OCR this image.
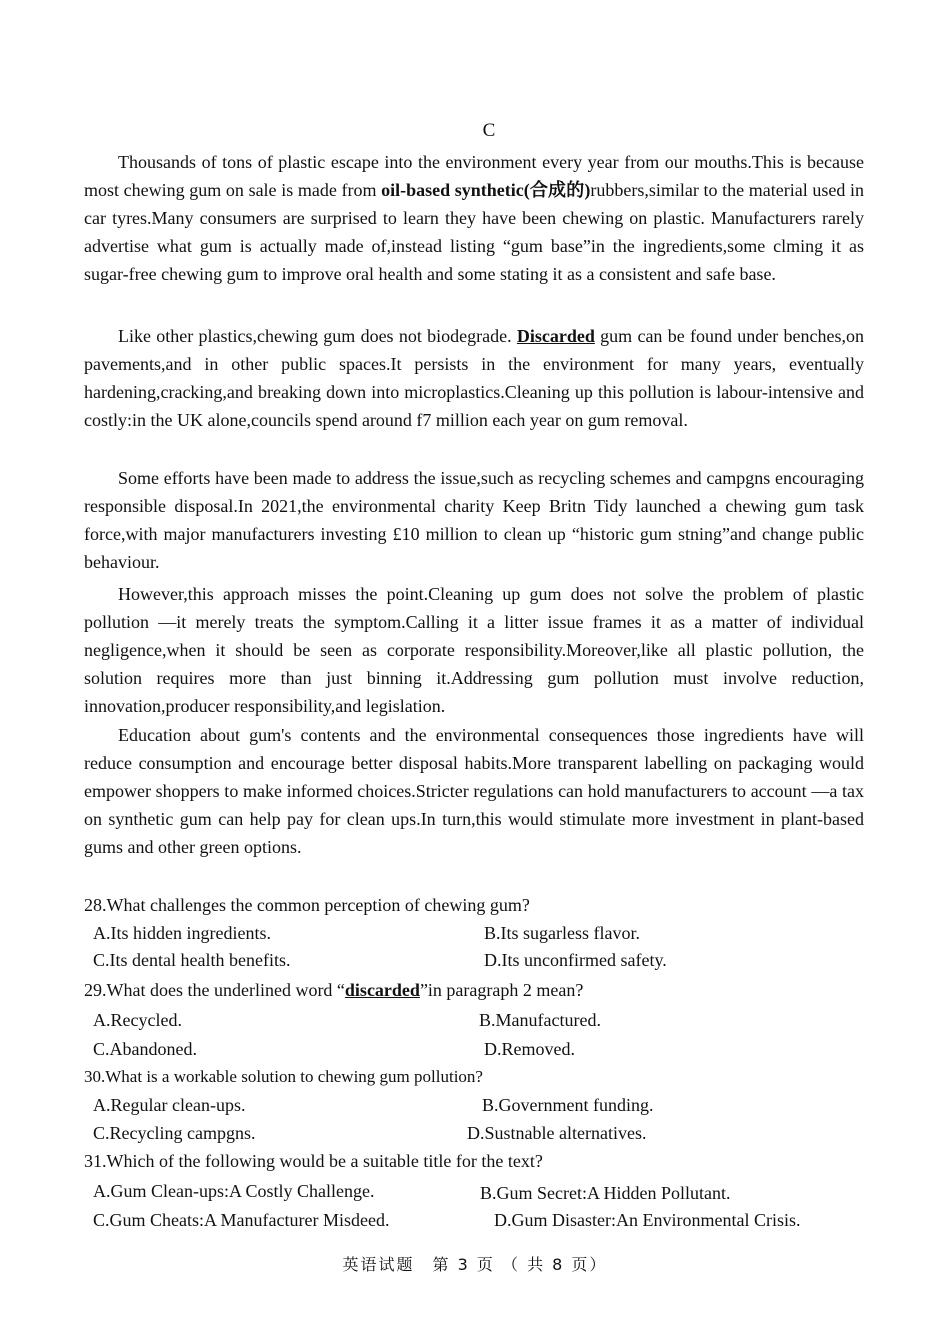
C

Thousands of tons of plastic escape into the environment every year from our mouths.This is because most chewing gum on sale is made from oil-based synthetic(合成的)rubbers,similar to the material used in car tyres.Many consumers are surprised to learn they have been chewing on plastic. Manufacturers rarely advertise what gum is actually made of,instead listing “gum base”in the ingredients,some clming it as sugar-free chewing gum to improve oral health and some stating it as a consistent and safe base.

Like other plastics,chewing gum does not biodegrade. Discarded gum can be found under benches,on pavements,and in other public spaces.It persists in the environment for many years, eventually hardening,cracking,and breaking down into microplastics.Cleaning up this pollution is labour-intensive and costly:in the UK alone,councils spend around f7 million each year on gum removal.

Some efforts have been made to address the issue,such as recycling schemes and campgns encouraging responsible disposal.In 2021,the environmental charity Keep Britn Tidy launched a chewing gum task force,with major manufacturers investing £10 million to clean up “historic gum stning”and change public behaviour.

However,this approach misses the point.Cleaning up gum does not solve the problem of plastic pollution —it merely treats the symptom.Calling it a litter issue frames it as a matter of individual negligence,when it should be seen as corporate responsibility.Moreover,like all plastic pollution, the solution requires more than just binning it.Addressing gum pollution must involve reduction, innovation,producer responsibility,and legislation.

Education about gum's contents and the environmental consequences those ingredients have will reduce consumption and encourage better disposal habits.More transparent labelling on packaging would empower shoppers to make informed choices.Stricter regulations can hold manufacturers to account —a tax on synthetic gum can help pay for clean ups.In turn,this would stimulate more investment in plant-based gums and other green options.

28.What challenges the common perception of chewing gum?
A.Its hidden ingredients.	B.Its sugarless flavor.
C.Its dental health benefits.	D.Its unconfirmed safety.
29.What does the underlined word “discarded”in paragraph 2 mean?
A.Recycled.	B.Manufactured.
C.Abandoned.	D.Removed.
30.What is a workable solution to chewing gum pollution?
A.Regular clean-ups.	B.Government funding.
C.Recycling campgns.	D.Sustnable alternatives.
31.Which of the following would be a suitable title for the text?
A.Gum Clean-ups:A Costly Challenge.	B.Gum Secret:A Hidden Pollutant.
C.Gum Cheats:A Manufacturer Misdeed.	D.Gum Disaster:An Environmental Crisis.
英语试题　第 3 页 （ 共 8 页）
